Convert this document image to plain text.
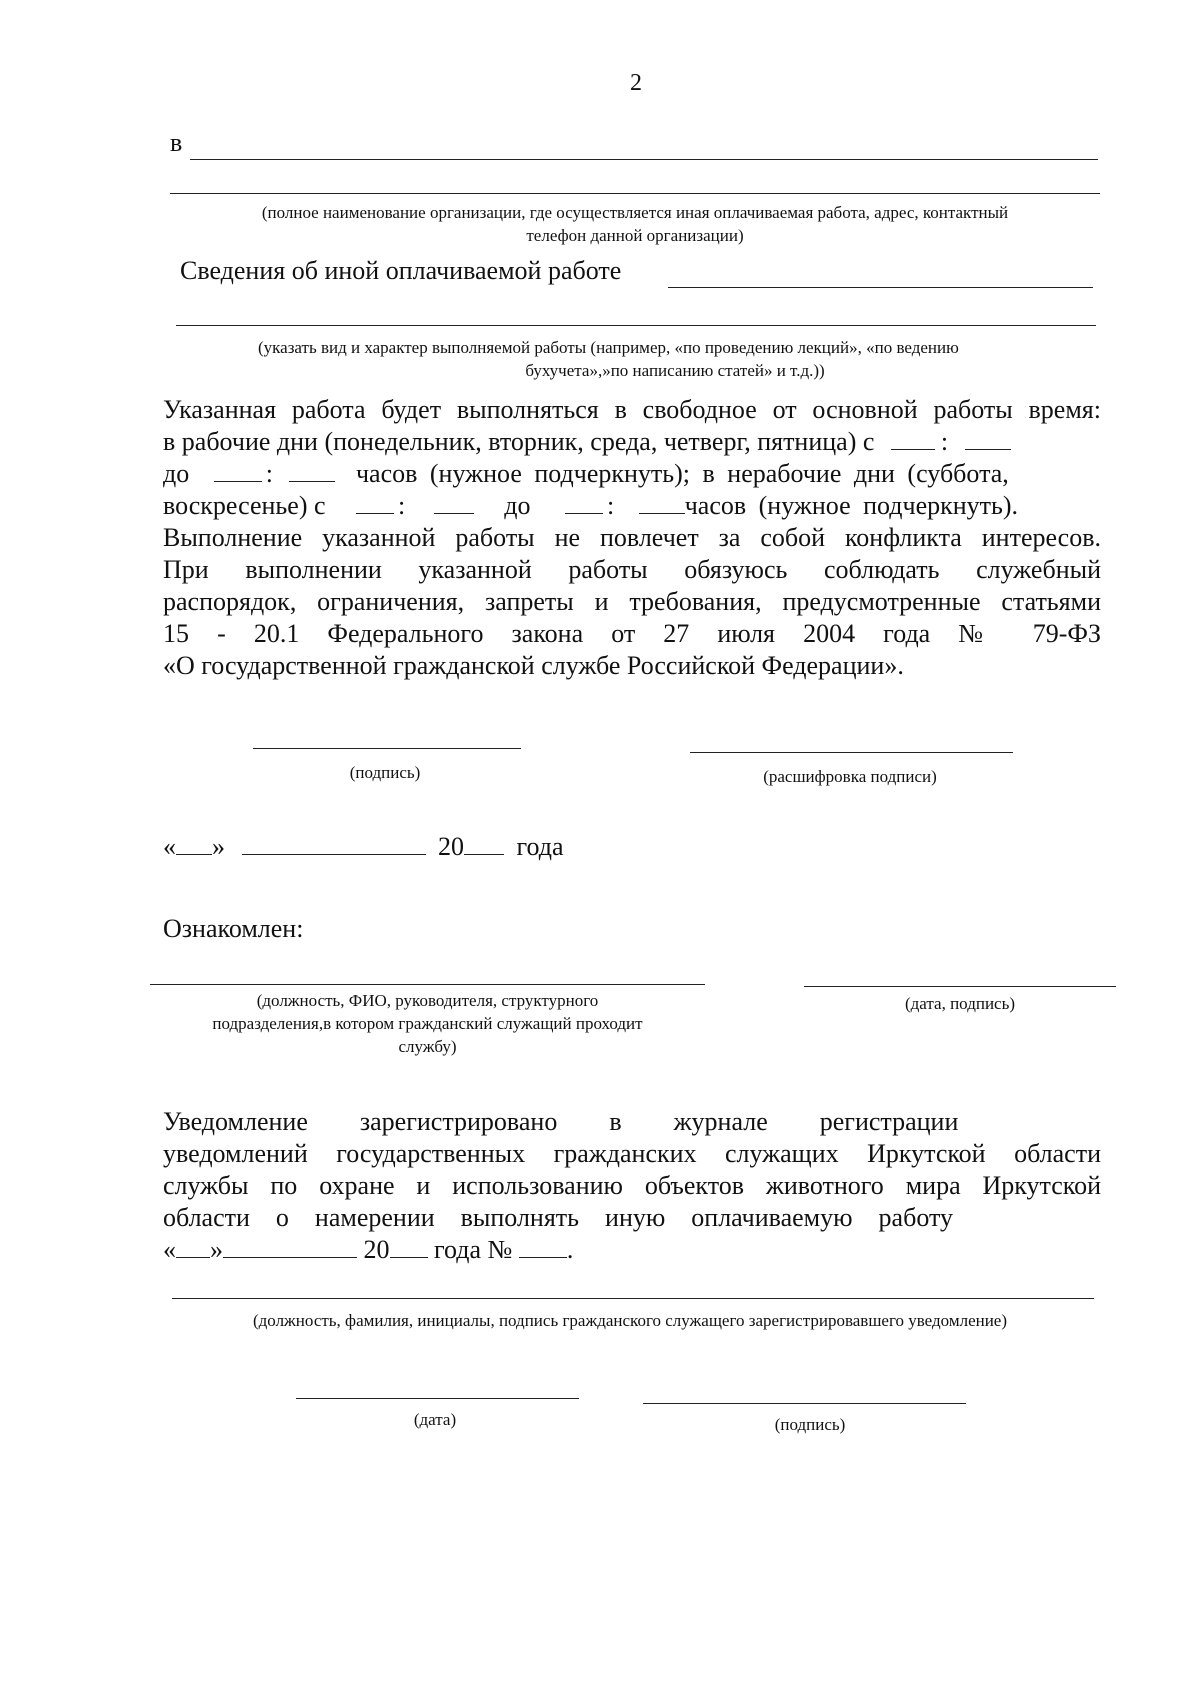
2
в
(полное наименование организации, где осуществляется иная оплачиваемая работа, адрес, контактный
телефон данной организации)
Сведения об иной оплачиваемой работе
(указать вид и характер выполняемой работы (например, «по проведению лекций», «по ведению
бухучета»,»по написанию статей» и т.д.))
Указанная работа будет выполняться в свободное от основной работы время:
в рабочие дни (понедельник, вторник, среда, четверг, пятница) с	:
до	:	часов (нужное подчеркнуть); в нерабочие дни (суббота,
воскресенье) с	:	до	:	часов (нужное подчеркнуть).
Выполнение указанной работы не повлечет за собой конфликта интересов.
При выполнении указанной работы обязуюсь соблюдать служебный
распорядок, ограничения, запреты и требования, предусмотренные статьями
15 - 20.1 Федерального закона от 27 июля 2004 года № 79-ФЗ
«О государственной гражданской службе Российской Федерации».
(подпись)	(расшифровка подписи)
« »	20 года
Ознакомлен:
(должность, ФИО, руководителя, структурного
подразделения,в котором гражданский служащий проходит
службу)
(дата, подпись)
Уведомление        зарегистрировано        в        журнале        регистрации
уведомлений государственных гражданских служащих Иркутской области
службы по охране и использованию объектов животного мира Иркутской
области    о    намерении    выполнять    иную    оплачиваемую    работу
« »	20 года № .
(должность, фамилия, инициалы, подпись гражданского служащего зарегистрировавшего уведомление)
(дата)	(подпись)
